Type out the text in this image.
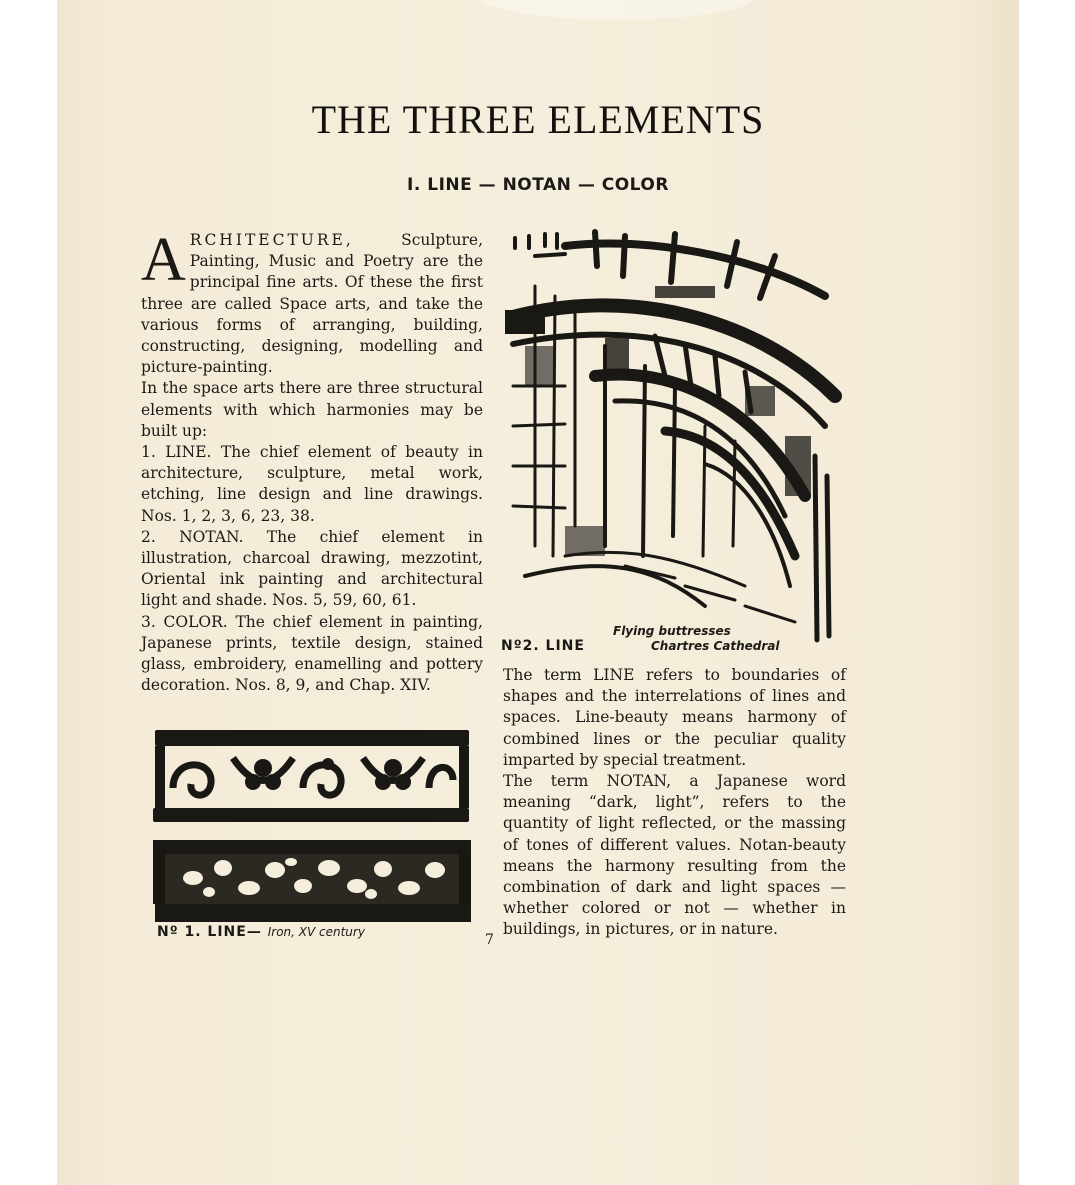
THE THREE ELEMENTS
I. LINE — NOTAN — COLOR

ARCHITECTURE, Sculpture, Painting, Music and Poetry are the principal fine arts. Of these the first three are called Space arts, and take the various forms of arranging, building, constructing, designing, modelling and picture-painting.

In the space arts there are three structural elements with which harmonies may be built up:

1. LINE. The chief element of beauty in architecture, sculpture, metal work, etching, line design and line drawings. Nos. 1, 2, 3, 6, 23, 38.

2. NOTAN. The chief element in illustration, charcoal drawing, mezzotint, Oriental ink painting and architectural light and shade. Nos. 5, 59, 60, 61.

3. COLOR. The chief element in painting, Japanese prints, textile design, stained glass, embroidery, enamelling and pottery decoration. Nos. 8, 9, and Chap. XIV.

Nº 1. LINE— Iron, XV century
Nº2. LINE
Flying buttresses
Chartres Cathedral

The term LINE refers to boundaries of shapes and the interrelations of lines and spaces. Line-beauty means harmony of combined lines or the peculiar quality imparted by special treatment.

The term NOTAN, a Japanese word meaning “dark, light”, refers to the quantity of light reflected, or the massing of tones of different values. Notan-beauty means the harmony resulting from the combination of dark and light spaces — whether colored or not — whether in buildings, in pictures, or in nature.

7
